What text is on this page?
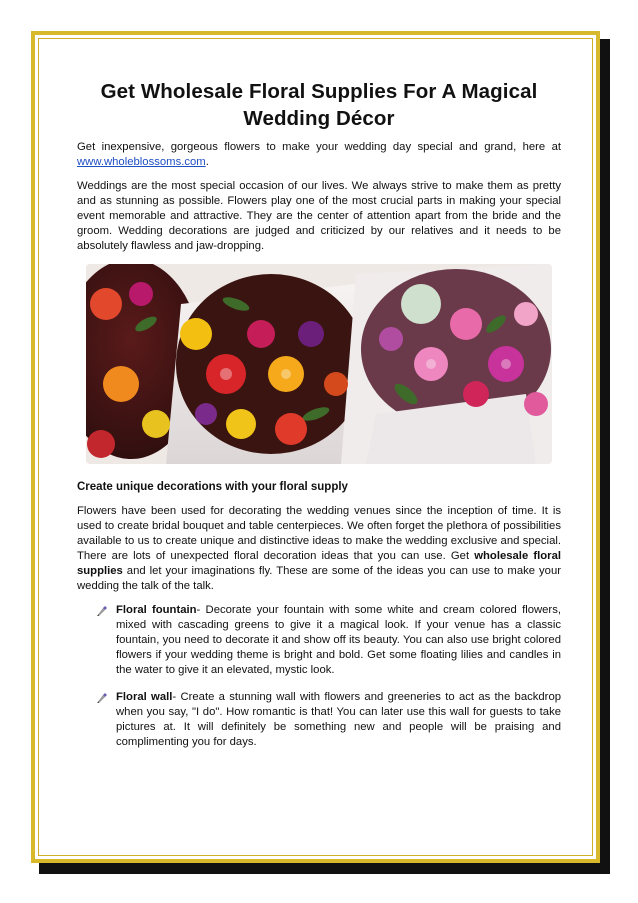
Get Wholesale Floral Supplies For A Magical Wedding Décor

Get inexpensive, gorgeous flowers to make your wedding day special and grand, here at www.wholeblossoms.com.

Weddings are the most special occasion of our lives. We always strive to make them as pretty and as stunning as possible. Flowers play one of the most crucial parts in making your special event memorable and attractive. They are the center of attention apart from the bride and the groom. Wedding decorations are judged and criticized by our relatives and it needs to be absolutely flawless and jaw-dropping.

Create unique decorations with your floral supply

Flowers have been used for decorating the wedding venues since the inception of time. It is used to create bridal bouquet and table centerpieces. We often forget the plethora of possibilities available to us to create unique and distinctive ideas to make the wedding exclusive and special. There are lots of unexpected floral decoration ideas that you can use. Get wholesale floral supplies and let your imaginations fly. These are some of the ideas you can use to make your wedding the talk of the talk.

Floral fountain- Decorate your fountain with some white and cream colored flowers, mixed with cascading greens to give it a magical look. If your venue has a classic fountain, you need to decorate it and show off its beauty. You can also use bright colored flowers if your wedding theme is bright and bold. Get some floating lilies and candles in the water to give it an elevated, mystic look.
Floral wall- Create a stunning wall with flowers and greeneries to act as the backdrop when you say, "I do". How romantic is that! You can later use this wall for guests to take pictures at. It will definitely be something new and people will be praising and complimenting you for days.
